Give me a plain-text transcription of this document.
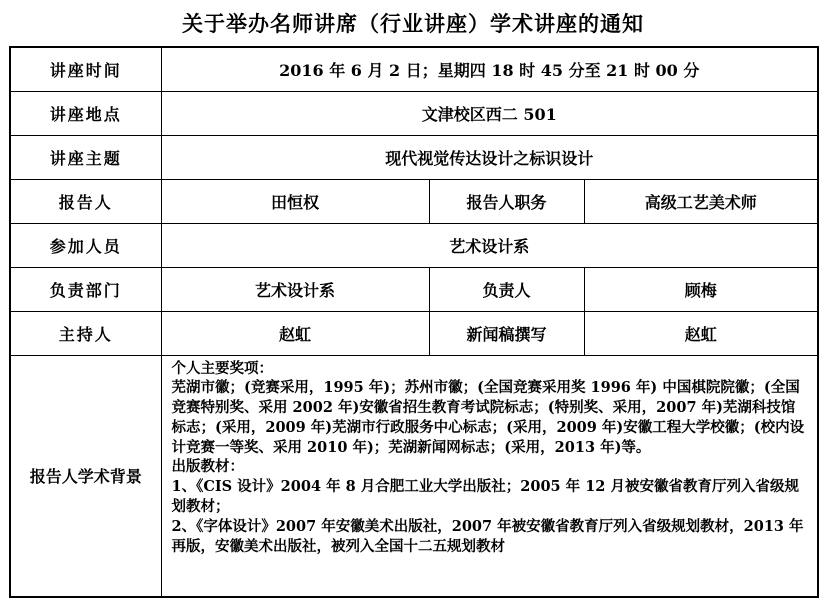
关于举办名师讲席（行业讲座）学术讲座的通知
讲座时间	2016 年 6 月 2 日；星期四 18 时 45 分至 21 时 00 分		
讲座地点	文津校区西二 501		
讲座主题	现代视觉传达设计之标识设计		
报告人	田恒权	报告人职务	高级工艺美术师
参加人员	艺术设计系		
负责部门	艺术设计系	负责人	顾梅
主持人	赵虹	新闻稿撰写	赵虹
报告人学术背景	个人主要奖项：
芜湖市徽；(竞赛采用，1995 年)；苏州市徽；(全国竞赛采用奖 1996 年) 中国棋院院徽；(全国竞赛特别奖、采用 2002 年)安徽省招生教育考试院标志；(特别奖、采用，2007 年)芜湖科技馆标志；(采用，2009 年)芜湖市行政服务中心标志；(采用，2009 年)安徽工程大学校徽；(校内设计竞赛一等奖、采用 2010 年)；芜湖新闻网标志；(采用，2013 年)等。
出版教材：
1、《CIS 设计》2004 年 8 月合肥工业大学出版社；2005 年 12 月被安徽省教育厅列入省级规划教材；
2、《字体设计》2007 年安徽美术出版社，2007 年被安徽省教育厅列入省级规划教材，2013 年再版，安徽美术出版社，被列入全国十二五规划教材		
